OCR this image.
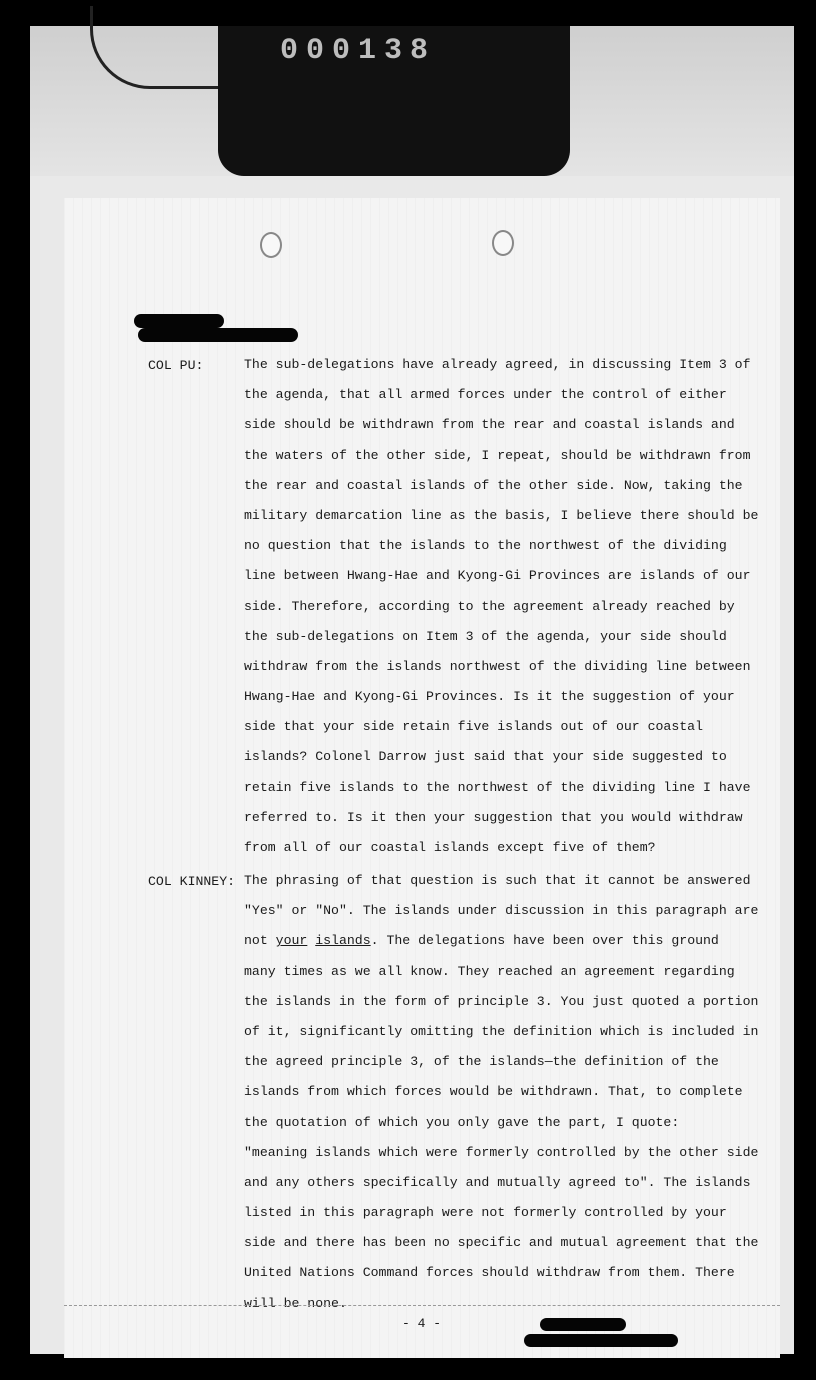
000138
COL PU:	The sub-delegations have already agreed, in discussing Item 3 of
the agenda, that all armed forces under the control of either
side should be withdrawn from the rear and coastal islands and
the waters of the other side, I repeat, should be withdrawn from
the rear and coastal islands of the other side. Now, taking the
military demarcation line as the basis, I believe there should be
no question that the islands to the northwest of the dividing
line between Hwang-Hae and Kyong-Gi Provinces are islands of our
side. Therefore, according to the agreement already reached by
the sub-delegations on Item 3 of the agenda, your side should
withdraw from the islands northwest of the dividing line between
Hwang-Hae and Kyong-Gi Provinces. Is it the suggestion of your
side that your side retain five islands out of our coastal
islands? Colonel Darrow just said that your side suggested to
retain five islands to the northwest of the dividing line I have
referred to. Is it then your suggestion that you would withdraw
from all of our coastal islands except five of them?
COL KINNEY: The phrasing of that question is such that it cannot be answered
"Yes" or "No". The islands under discussion in this paragraph are
not your islands. The delegations have been over this ground
many times as we all know. They reached an agreement regarding
the islands in the form of principle 3. You just quoted a portion
of it, significantly omitting the definition which is included in
the agreed principle 3, of the islands—the definition of the
islands from which forces would be withdrawn. That, to complete
the quotation of which you only gave the part, I quote:
"meaning islands which were formerly controlled by the other side
and any others specifically and mutually agreed to". The islands
listed in this paragraph were not formerly controlled by your
side and there has been no specific and mutual agreement that the
United Nations Command forces should withdraw from them. There
will be none.
- 4 -
